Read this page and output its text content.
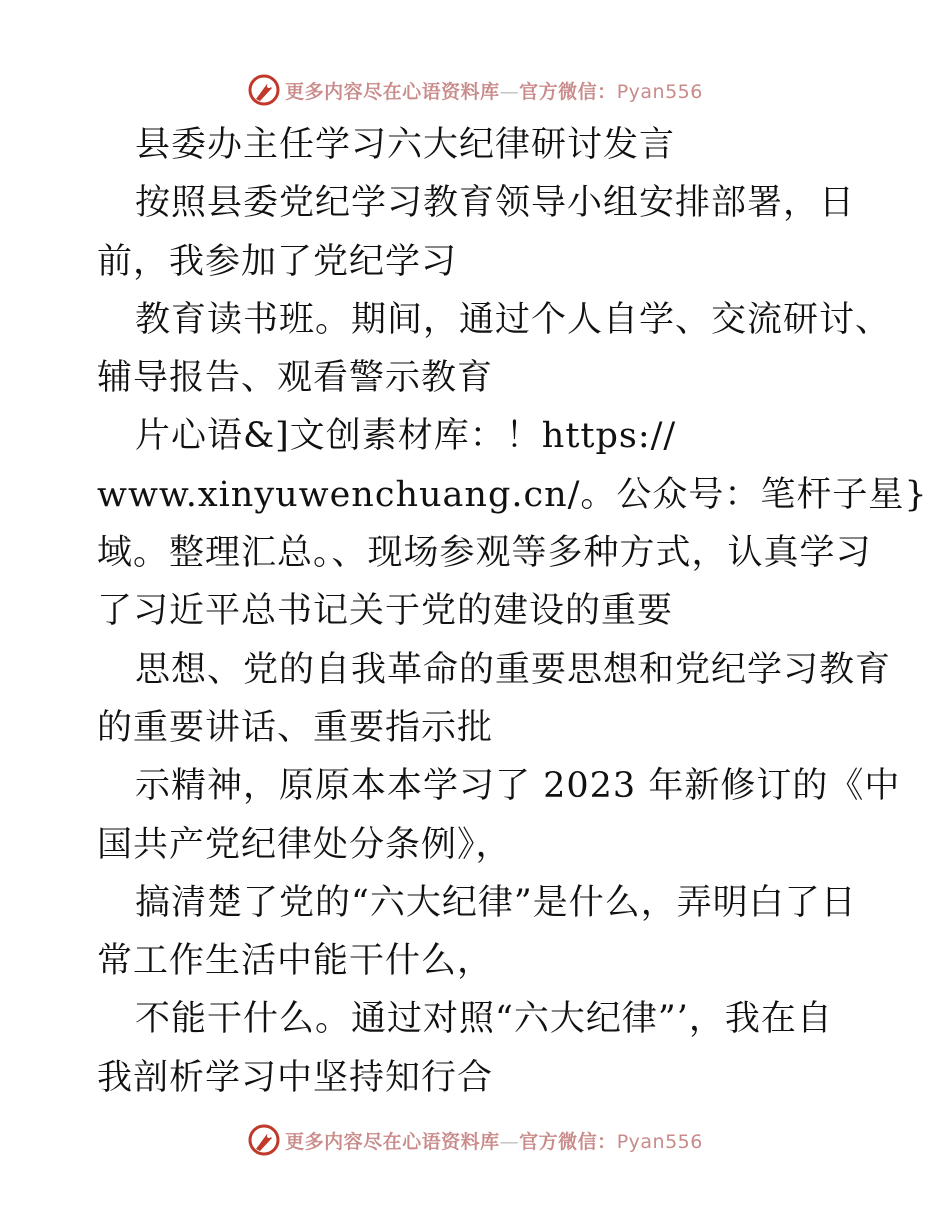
更多内容尽在心语资料库—官方微信：Pyan556
县委办主任学习六大纪律研讨发言
按照县委党纪学习教育领导小组安排部署，日
前，我参加了党纪学习
教育读书班。期间，通过个人自学、交流研讨、
辅导报告、观看警示教育
片心语&]文创素材库：！https://
www.xinyuwenchuang.cn/。公众号：笔杆子星}
域。整理汇总。、现场参观等多种方式，认真学习
了习近平总书记关于党的建设的重要
思想、党的自我革命的重要思想和党纪学习教育
的重要讲话、重要指示批
示精神，原原本本学习了 2023 年新修订的《中
国共产党纪律处分条例》，
搞清楚了党的“六大纪律”是什么，弄明白了日
常工作生活中能干什么，
不能干什么。通过对照“六大纪律”’，我在自
我剖析学习中坚持知行合
更多内容尽在心语资料库—官方微信：Pyan556
